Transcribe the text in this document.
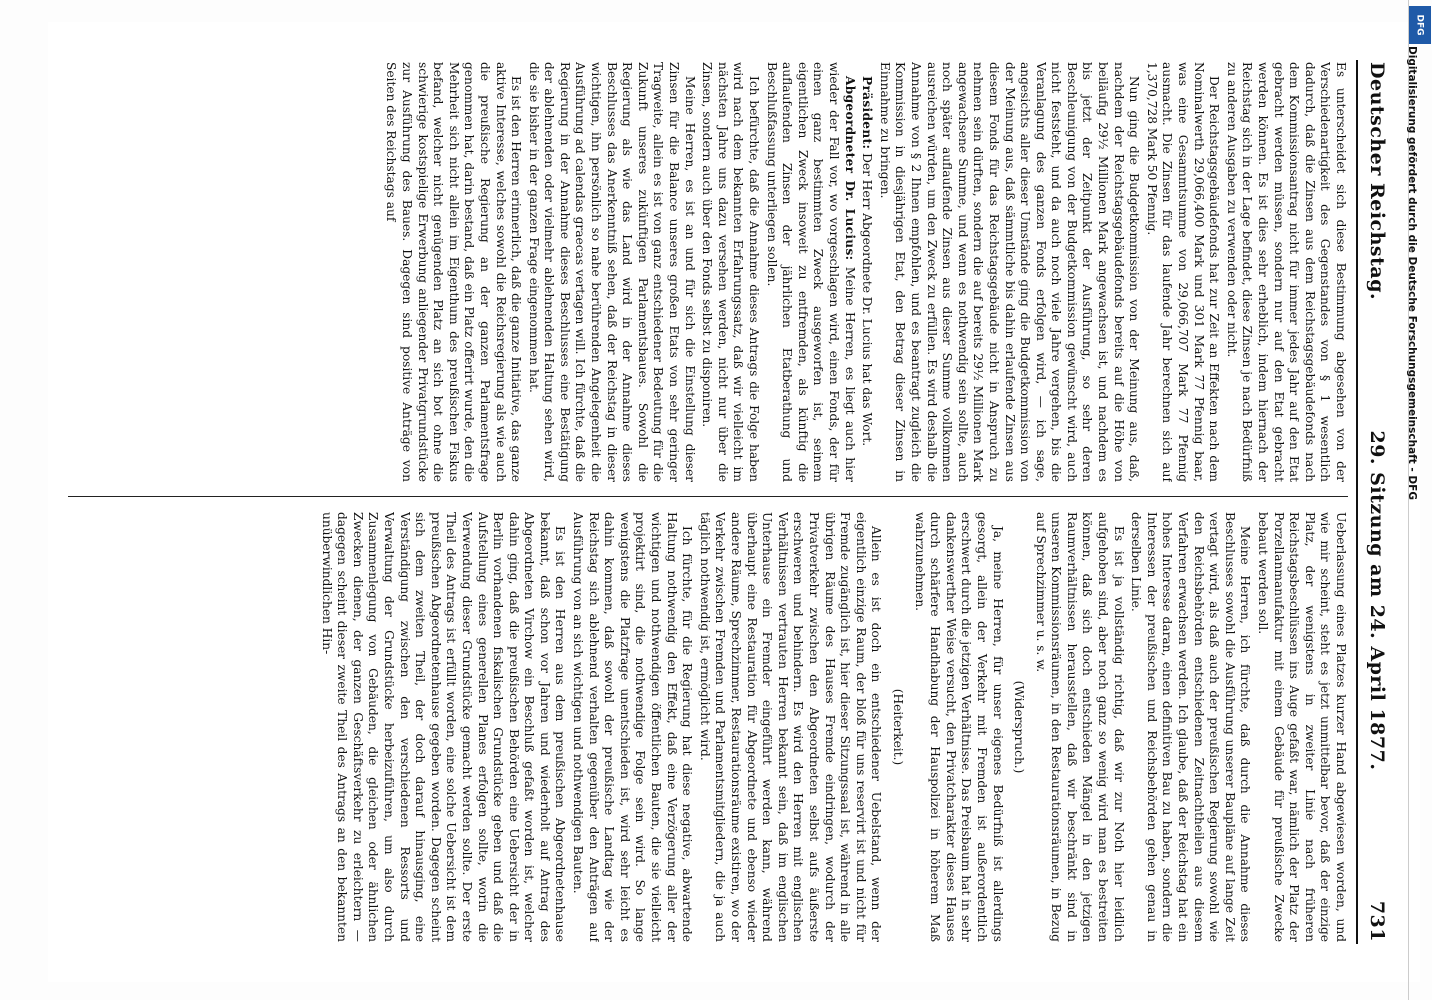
Deutscher Reichstag.
29. Sitzung am 24. April 1877.
731

Es unterscheidet sich diese Bestimmung abgesehen von der Verschiedenartigkeit des Gegenstandes von § 1 wesentlich dadurch, daß die Zinsen aus dem Reichstagsgebäudefonds nach dem Kommissionsantrag nicht für immer jedes Jahr auf den Etat gebracht werden müssen, sondern nur auf den Etat gebracht werden können. Es ist dies sehr erheblich, indem hiernach der Reichstag sich in der Lage befindet, diese Zinsen je nach Bedürfniß zu anderen Ausgaben zu verwenden oder nicht.

Der Reichstagsgebäudefonds hat zur Zeit an Effekten nach dem Nominalwerth 29,066,400 Mark und 301 Mark 77 Pfennig baar, was eine Gesammtsumme von 29,066,707 Mark 77 Pfennig ausmacht. Die Zinsen für das laufende Jahr berechnen sich auf 1,370,728 Mark 50 Pfennig.

Nun ging die Budgetkommission von der Meinung aus, daß, nachdem der Reichstagsgebäudefonds bereits auf die Höhe von beiläufig 29½ Millionen Mark angewachsen ist, und nachdem es bis jetzt der Zeitpunkt der Ausführung, so sehr deren Beschleunigung von der Budgetkommission gewünscht wird, auch nicht feststeht, und da auch noch viele Jahre vergehen, bis die Veranlagung des ganzen Fonds erfolgen wird, — ich sage, angesichts aller dieser Umstände ging die Budgetkommission von der Meinung aus, daß sämmtliche bis dahin erlaufende Zinsen aus diesem Fonds für das Reichstagsgebäude nicht in Anspruch zu nehmen sein dürften, sondern die auf bereits 29½ Millionen Mark angewachsene Summe, und wenn es nothwendig sein sollte, auch noch später auflaufende Zinsen aus dieser Summe vollkommen ausreichen würden, um den Zweck zu erfüllen. Es wird deshalb die Annahme von § 2 Ihnen empfohlen, und es beantragt zugleich die Kommission in diesjährigen Etat, den Betrag dieser Zinsen in Einnahme zu bringen.

Präsident: Der Herr Abgeordnete Dr. Lucius hat das Wort.

Abgeordneter Dr. Lucius: Meine Herren, es liegt auch hier wieder der Fall vor, wo vorgeschlagen wird, einen Fonds, der für einen ganz bestimmten Zweck ausgeworfen ist, seinem eigentlichen Zweck insoweit zu entfremden, als künftig die auflaufenden Zinsen der jährlichen Etatberathung und Beschlußfassung unterliegen sollen.

Ich befürchte, daß die Annahme dieses Antrags die Folge haben wird nach dem bekannten Erfahrungssatz, daß wir vielleicht im nächsten Jahre uns dazu versehen werden, nicht nur über die Zinsen, sondern auch über den Fonds selbst zu disponiren.

Meine Herren, es ist an und für sich die Einstellung dieser Zinsen für die Balance unseres großen Etats von sehr geringer Tragweite, allein es ist von ganz entschiedener Bedeutung für die Zukunft unseres zukünftigen Parlamentsbaues. Sowohl die Regierung als wie das Land wird in der Annahme dieses Beschlusses das Anerkenntniß sehen, daß der Reichstag in dieser wichtigen, ihn persönlich so nahe berührenden Angelegenheit die Ausführung ad calendas graecas vertagen will. Ich fürchte, daß die Regierung in der Annahme dieses Beschlusses eine Bestätigung der ablehnenden oder vielmehr ablehnenden Haltung sehen wird, die sie bisher in der ganzen Frage eingenommen hat.

Es ist den Herren erinnerlich, daß die ganze Initiative, das ganze aktive Interesse, welches sowohl die Reichsregierung als wie auch die preußische Regierung an der ganzen Parlamentsfrage genommen hat, darin bestand, daß ein Platz offerirt wurde, den die Mehrheit sich nicht allein im Eigenthum des preußischen Fiskus befand, welcher nicht genügenden Platz an sich bot ohne die schwierige kostspielige Erwerbung anliegender Privatgrundstücke zur Ausführung des Baues. Dagegen sind positive Anträge von Seiten des Reichstags auf

Ueberlassung eines Platzes kurzer Hand abgewiesen worden, und wie mir scheint, steht es jetzt unmittelbar bevor, daß der einzige Platz, der wenigstens in zweiter Linie nach früheren Reichstagsbeschlüssen ins Auge gefaßt war, nämlich der Platz der Porzellanmanufaktur mit einem Gebäude für preußische Zwecke bebaut werden soll.

Meine Herren, ich fürchte, daß durch die Annahme dieses Beschlusses sowohl die Ausführung unserer Baupläne auf lange Zeit vertagt wird, als daß auch der preußischen Regierung sowohl wie den Reichsbehörden entschiedenen Zeitnachtheilen aus diesem Verfahren erwachsen werden. Ich glaube, daß der Reichstag hat ein hohes Interesse daran, einen definitiven Bau zu haben, sondern die Interessen der preußischen und Reichsbehörden gehen genau in derselben Linie.

Es ist ja vollständig richtig, daß wir zur Noth hier leidlich aufgehoben sind, aber noch ganz so wenig wird man es bestreiten können, daß sich doch entschieden Mängel in den jetzigen Raumverhältnissen herausstellen, daß wir beschränkt sind in unseren Kommissionsräumen, in den Restaurationsräumen, in Bezug auf Sprechzimmer u. s. w.

(Widerspruch.)

Ja, meine Herren, für unser eigenes Bedürfniß ist allerdings gesorgt, allein der Verkehr mit Fremden ist außerordentlich erschwert durch die jetzigen Verhältnisse. Das Preisbaum hat in sehr dankenswerther Weise versucht, den Privatcharakter dieses Hauses durch schärfere Handhabung der Hauspolizei in höherem Maß wahrzunehmen.

(Heiterkeit.)

Allein es ist doch ein entschiedener Uebelstand, wenn der eigentlich einzige Raum, der bloß für uns reservirt ist und nicht für Fremde zugänglich ist, hier dieser Sitzungssaal ist, während in alle übrigen Räume des Hauses Fremde eindringen, wodurch der Privatverkehr zwischen den Abgeordneten selbst aufs äußerste erschweren und behindern. Es wird den Herren mit englischen Verhältnissen vertrauten Herren bekannt sein, daß im englischen Unterhause ein Fremder eingeführt werden kann, während überhaupt eine Restauration für Abgeordnete und ebenso wieder andere Räume, Sprechzimmer, Restaurationsräume existiren, wo der Verkehr zwischen Fremden und Parlamentsmitgliedern, die ja auch täglich nothwendig ist, ermöglicht wird.

Ich fürchte, für die Regierung hat diese negative, abwartende Haltung nothwendig den Effekt, daß eine Verzögerung aller der wichtigen und nothwendigen öffentlichen Bauten, die sie vielleicht projektirt sind, die nothwendige Folge sein wird. So lange wenigstens die Platzfrage unentschieden ist, wird sehr leicht es dahin kommen, daß sowohl der preußische Landtag wie der Reichstag sich ablehnend verhalten gegenüber den Anträgen auf Ausführung von an sich wichtigen und nothwendigen Bauten.

Es ist den Herren aus dem preußischen Abgeordnetenhause bekannt, daß schon vor Jahren und wiederholt auf Antrag des Abgeordneten Virchow ein Beschluß gefaßt worden ist, welcher dahin ging, daß die preußischen Behörden eine Uebersicht der in Berlin vorhandenen fiskalischen Grundstücke geben und daß die Aufstellung eines generellen Planes erfolgen sollte, worin die Verwendung dieser Grundstücke gemacht werden sollte. Der erste Theil des Antrags ist erfüllt worden, eine solche Uebersicht ist dem preußischen Abgeordnetenhause gegeben worden. Dagegen scheint sich dem zweiten Theil, der doch darauf hinausging, eine Verständigung zwischen den verschiedenen Ressorts und Verwaltung der Grundstücke herbeizuführen, um also durch Zusammenlegung von Gebäuden, die gleichen oder ähnlichen Zwecken dienen, der ganzen Geschäftsverkehr zu erleichtern — dagegen scheint dieser zweite Theil des Antrags an den bekannten unüberwindlichen Hin-

DFG
Digitalisierung gefördert durch die Deutsche Forschungsgemeinschaft - DFG
